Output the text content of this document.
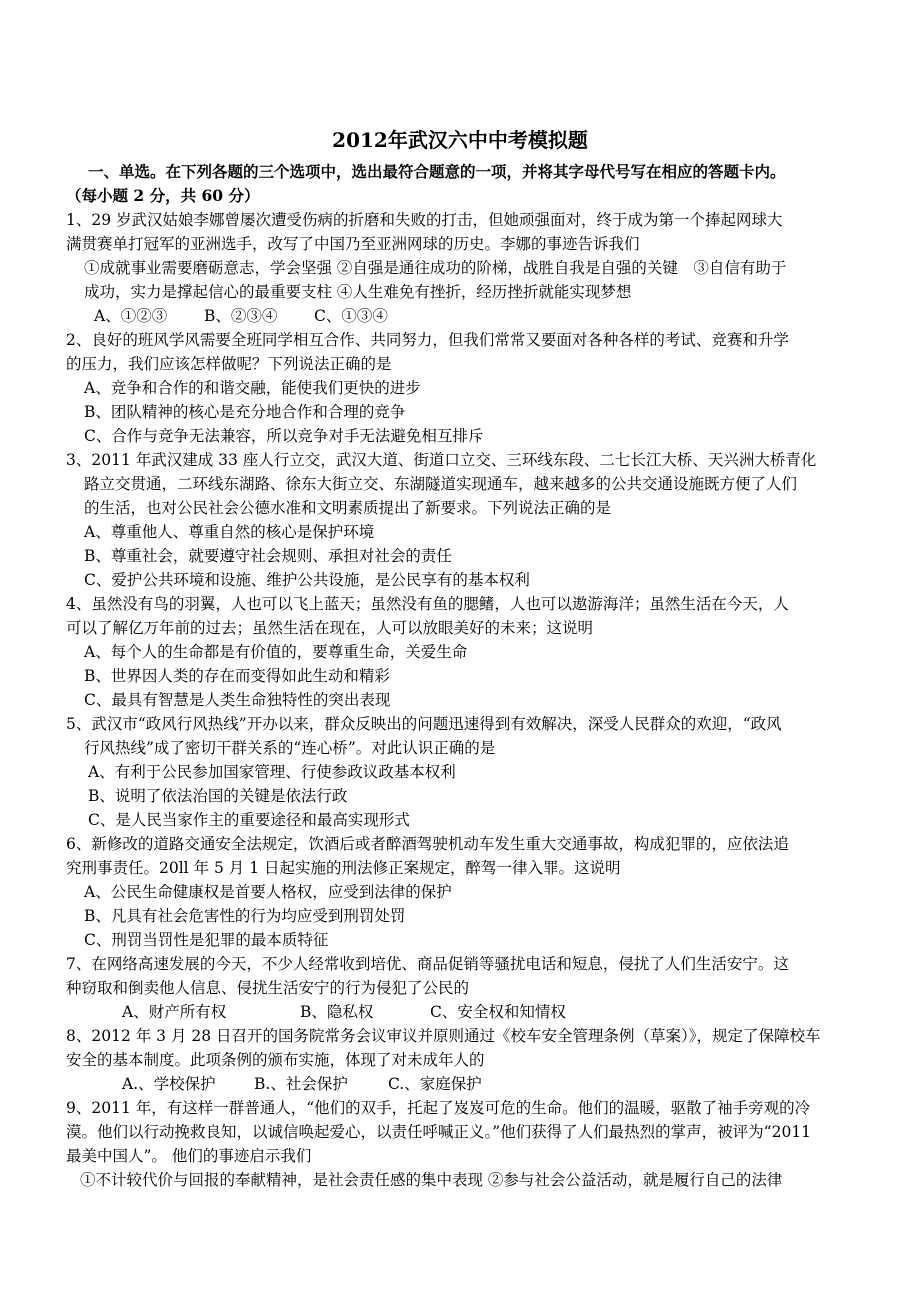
2012年武汉六中中考模拟题

一、单选。在下列各题的三个选项中，选出最符合题意的一项，并将其字母代号写在相应的答题卡内。

（每小题 2 分，共 60 分）

1、29 岁武汉姑娘李娜曾屡次遭受伤病的折磨和失败的打击，但她顽强面对，终于成为第一个捧起网球大

满贯赛单打冠军的亚洲选手，改写了中国乃至亚洲网球的历史。李娜的事迹告诉我们

①成就事业需要磨砺意志，学会坚强 ②自强是通往成功的阶梯，战胜自我是自强的关键　③自信有助于

成功，实力是撑起信心的最重要支柱 ④人生难免有挫折，经历挫折就能实现梦想

A、①②③ B、②③④ C、①③④

2、良好的班风学风需要全班同学相互合作、共同努力，但我们常常又要面对各种各样的考试、竞赛和升学

的压力，我们应该怎样做呢？下列说法正确的是

A、竞争和合作的和谐交融，能使我们更快的进步

B、团队精神的核心是充分地合作和合理的竞争

C、合作与竞争无法兼容，所以竞争对手无法避免相互排斥

3、2011 年武汉建成 33 座人行立交，武汉大道、街道口立交、三环线东段、二七长江大桥、天兴洲大桥青化

路立交贯通，二环线东湖路、徐东大街立交、东湖隧道实现通车，越来越多的公共交通设施既方便了人们

的生活，也对公民社会公德水准和文明素质提出了新要求。下列说法正确的是

A、尊重他人、尊重自然的核心是保护环境

B、尊重社会，就要遵守社会规则、承担对社会的责任

C、爱护公共环境和设施、维护公共设施，是公民享有的基本权利

4、虽然没有鸟的羽翼，人也可以飞上蓝天；虽然没有鱼的腮鳍，人也可以遨游海洋；虽然生活在今天，人

可以了解亿万年前的过去；虽然生活在现在，人可以放眼美好的未来；这说明

A、每个人的生命都是有价值的，要尊重生命，关爱生命

B、世界因人类的存在而变得如此生动和精彩

C、最具有智慧是人类生命独特性的突出表现

5、武汉市“政风行风热线”开办以来，群众反映出的问题迅速得到有效解决，深受人民群众的欢迎，“政风

行风热线”成了密切干群关系的“连心桥”。对此认识正确的是

A、有利于公民参加国家管理、行使参政议政基本权利

B、说明了依法治国的关键是依法行政

C、是人民当家作主的重要途径和最高实现形式

6、新修改的道路交通安全法规定，饮酒后或者醉酒驾驶机动车发生重大交通事故，构成犯罪的，应依法追

究刑事责任。20ll 年 5 月 1 日起实施的刑法修正案规定，醉驾一律入罪。这说明

A、公民生命健康权是首要人格权，应受到法律的保护

B、凡具有社会危害性的行为均应受到刑罚处罚

C、刑罚当罚性是犯罪的最本质特征

7、在网络高速发展的今天，不少人经常收到培优、商品促销等骚扰电话和短息，侵扰了人们生活安宁。这

种窃取和倒卖他人信息、侵扰生活安宁的行为侵犯了公民的

A、财产所有权	B、隐私权	C、安全权和知情权

8、2012 年 3 月 28 日召开的国务院常务会议审议并原则通过《校车安全管理条例（草案）》，规定了保障校车

安全的基本制度。此项条例的颁布实施，体现了对未成年人的

A.、学校保护 B.、社会保护	C.、家庭保护

9、2011 年，有这样一群普通人，“他们的双手，托起了岌岌可危的生命。他们的温暖，驱散了袖手旁观的冷

漠。他们以行动挽救良知，以诚信唤起爱心，以责任呼喊正义。”他们获得了人们最热烈的掌声，被评为“2011

最美中国人”。 他们的事迹启示我们

①不计较代价与回报的奉献精神，是社会责任感的集中表现 ②参与社会公益活动，就是履行自己的法律
